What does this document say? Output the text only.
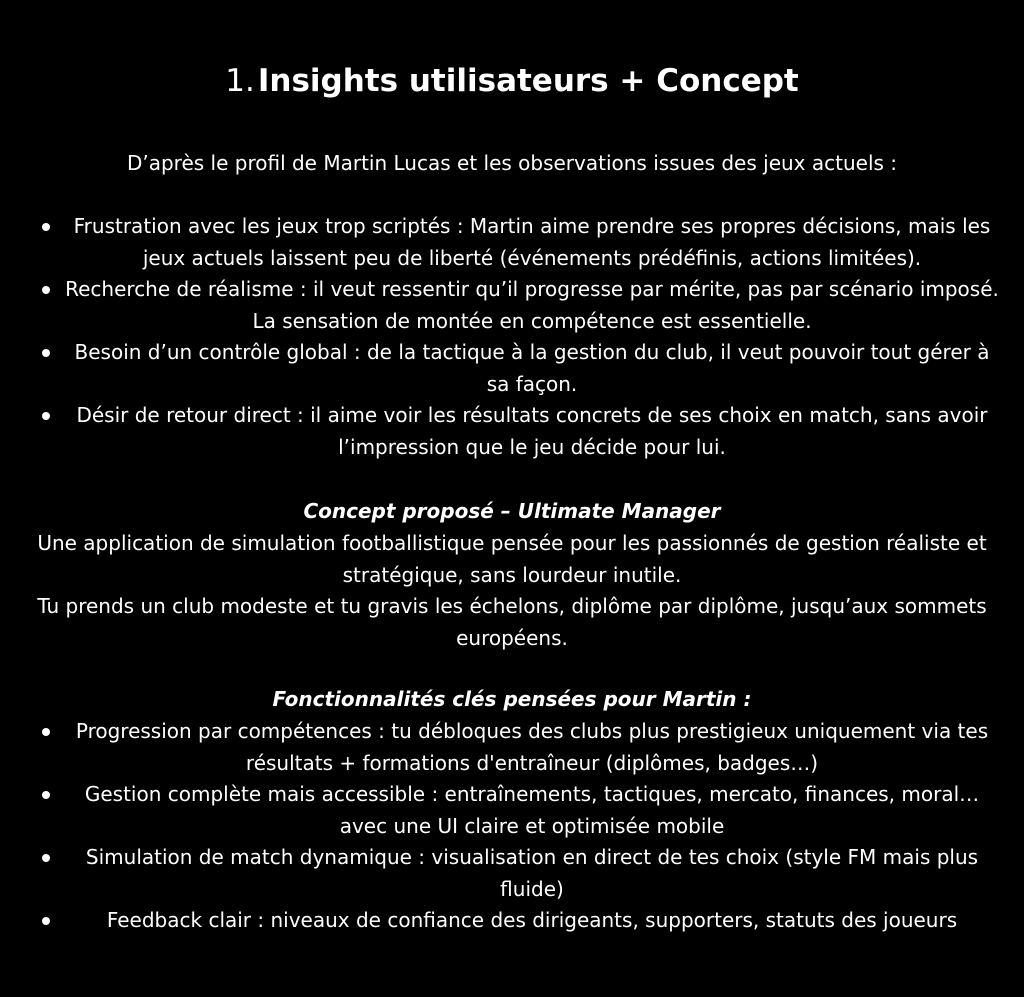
1.Insights utilisateurs + Concept
D’après le profil de Martin Lucas et les observations issues des jeux actuels :
Frustration avec les jeux trop scriptés : Martin aime prendre ses propres décisions, mais les jeux actuels laissent peu de liberté (événements prédéfinis, actions limitées).
Recherche de réalisme : il veut ressentir qu’il progresse par mérite, pas par scénario imposé. La sensation de montée en compétence est essentielle.
Besoin d’un contrôle global : de la tactique à la gestion du club, il veut pouvoir tout gérer à sa façon.
Désir de retour direct : il aime voir les résultats concrets de ses choix en match, sans avoir l’impression que le jeu décide pour lui.
Concept proposé – Ultimate Manager
Une application de simulation footballistique pensée pour les passionnés de gestion réaliste et stratégique, sans lourdeur inutile.
Tu prends un club modeste et tu gravis les échelons, diplôme par diplôme, jusqu’aux sommets européens.
Fonctionnalités clés pensées pour Martin :
Progression par compétences : tu débloques des clubs plus prestigieux uniquement via tes résultats + formations d'entraîneur (diplômes, badges…)
Gestion complète mais accessible : entraînements, tactiques, mercato, finances, moral… avec une UI claire et optimisée mobile
Simulation de match dynamique : visualisation en direct de tes choix (style FM mais plus fluide)
Feedback clair : niveaux de confiance des dirigeants, supporters, statuts des joueurs
